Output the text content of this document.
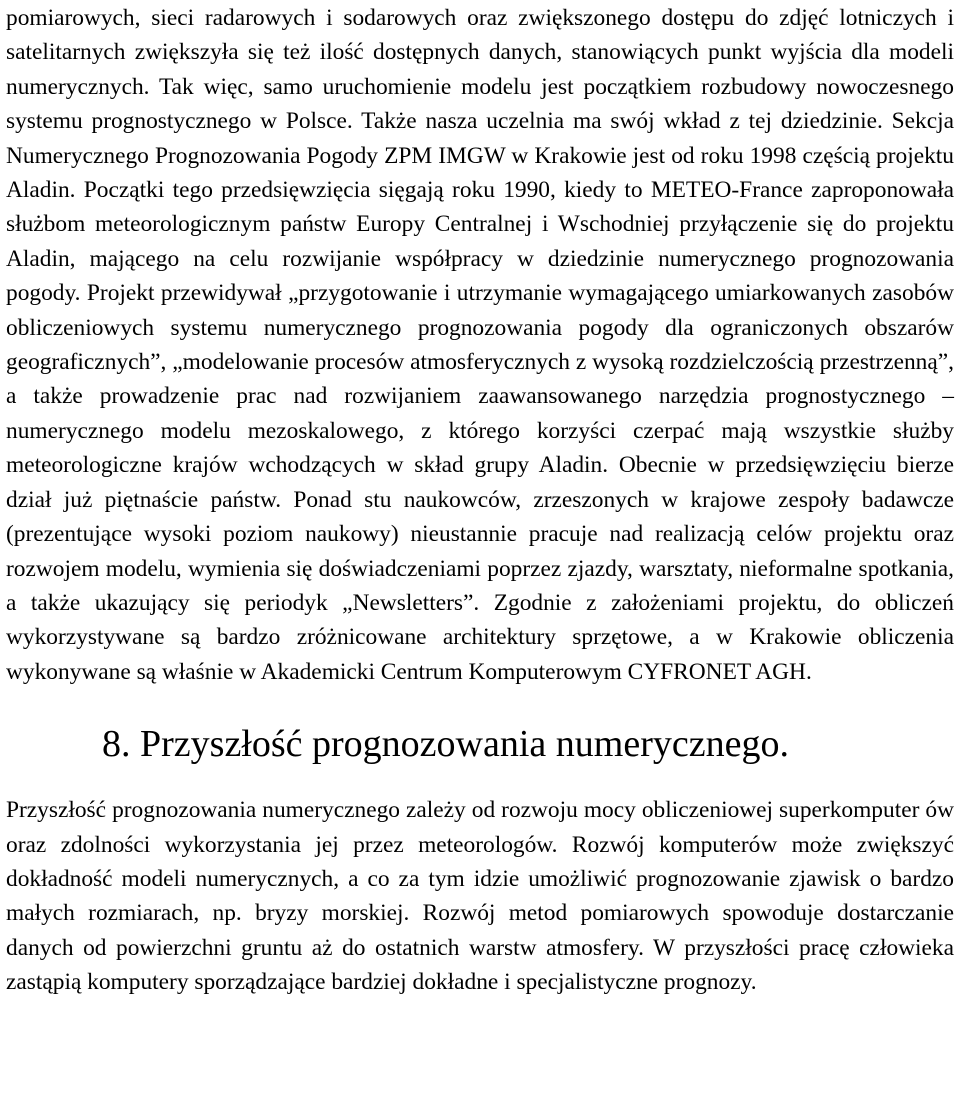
pomiarowych, sieci radarowych i sodarowych oraz zwiększonego dostępu do zdjęć lotniczych i satelitarnych zwiększyła się też ilość dostępnych danych, stanowiących punkt wyjścia dla modeli numerycznych. Tak więc, samo uruchomienie modelu jest początkiem rozbudowy nowoczesnego systemu prognostycznego w Polsce. Także nasza uczelnia ma swój wkład z tej dziedzinie. Sekcja Numerycznego Prognozowania Pogody ZPM IMGW w Krakowie jest od roku 1998 częścią projektu Aladin. Początki tego przedsięwzięcia sięgają roku 1990, kiedy to METEO-France zaproponowała służbom meteorologicznym państw Europy Centralnej i Wschodniej przyłączenie się do projektu Aladin, mającego na celu rozwijanie współpracy w dziedzinie numerycznego prognozowania pogody. Projekt przewidywał „przygotowanie i utrzymanie wymagającego umiarkowanych zasobów obliczeniowych systemu numerycznego prognozowania pogody dla ograniczonych obszarów geograficznych”, „modelowanie procesów atmosferycznych z wysoką rozdzielczością przestrzenną”, a także prowadzenie prac nad rozwijaniem zaawansowanego narzędzia prognostycznego – numerycznego modelu mezoskalowego, z którego korzyści czerpać mają wszystkie służby meteorologiczne krajów wchodzących w skład grupy Aladin. Obecnie w przedsięwzięciu bierze dział już piętnaście państw. Ponad stu naukowców, zrzeszonych w krajowe zespoły badawcze (prezentujące wysoki poziom naukowy) nieustannie pracuje nad realizacją celów projektu oraz rozwojem modelu, wymienia się doświadczeniami poprzez zjazdy, warsztaty, nieformalne spotkania, a także ukazujący się periodyk „Newsletters”. Zgodnie z założeniami projektu, do obliczeń wykorzystywane są bardzo zróżnicowane architektury sprzętowe, a w Krakowie obliczenia wykonywane są właśnie w Akademicki Centrum Komputerowym CYFRONET AGH.

8. Przyszłość prognozowania numerycznego.

Przyszłość prognozowania numerycznego zależy od rozwoju mocy obliczeniowej superkomputer ów oraz zdolności wykorzystania jej przez meteorologów. Rozwój komputerów może zwiększyć dokładność modeli numerycznych, a co za tym idzie umożliwić prognozowanie zjawisk o bardzo małych rozmiarach, np. bryzy morskiej. Rozwój metod pomiarowych spowoduje dostarczanie danych od powierzchni gruntu aż do ostatnich warstw atmosfery. W przyszłości pracę człowieka zastąpią komputery sporządzające bardziej dokładne i specjalistyczne prognozy.
